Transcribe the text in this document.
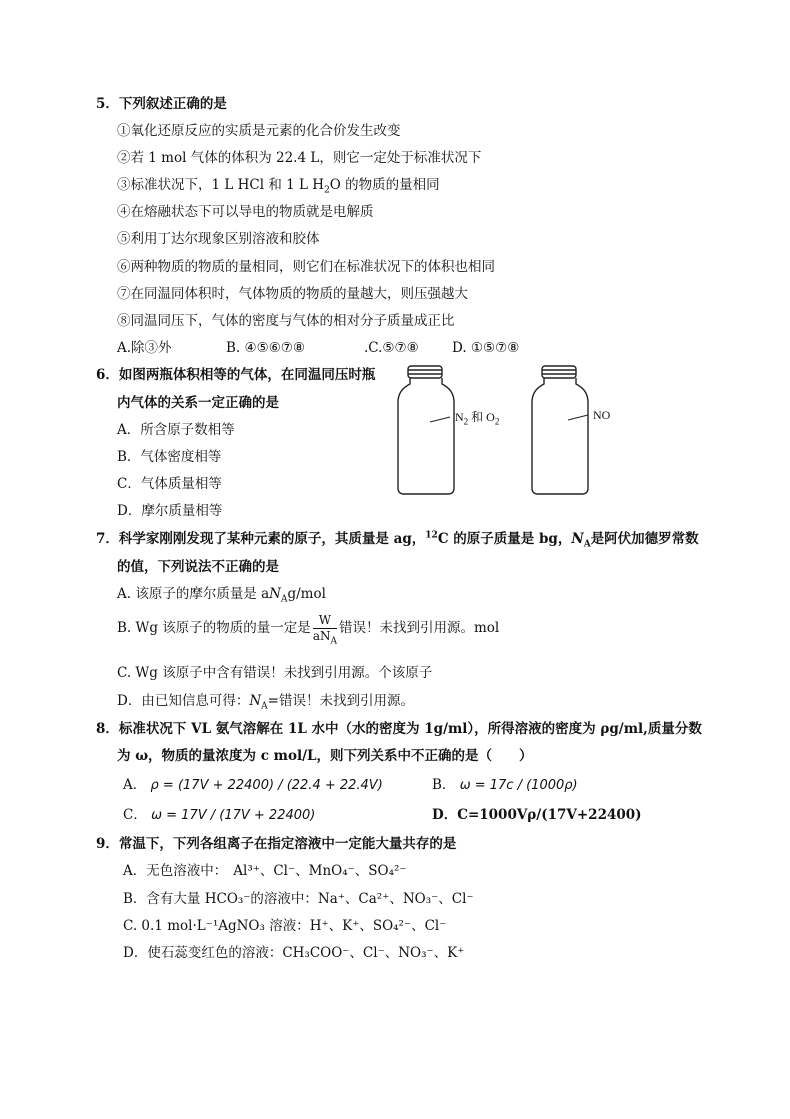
5．下列叙述正确的是
①氧化还原反应的实质是元素的化合价发生改变
②若 1 mol 气体的体积为 22.4 L，则它一定处于标准状况下
③标准状况下，1 L HCl 和 1 L $H_2O$ 的物质的量相同
④在熔融状态下可以导电的物质就是电解质
⑤利用丁达尔现象区别溶液和胶体
⑥两种物质的物质的量相同，则它们在标准状况下的体积也相同
⑦在同温同体积时，气体物质的物质的量越大，则压强越大
⑧同温同压下，气体的密度与气体的相对分子质量成正比
A.除③外	B. ④⑤⑥⑦⑧	.C.⑤⑦⑧ D. ①⑤⑦⑧
6．如图两瓶体积相等的气体，在同温同压时瓶
内气体的关系一定正确的是
A．所含原子数相等
B．气体密度相等
C．气体质量相等
D．摩尔质量相等
$N_2$ 和 $O_2$	NO
7．科学家刚刚发现了某种元素的原子，其质量是 ag，$^{12}$C 的原子质量是 bg，$N_A$是阿伏加德罗常数
的值，下列说法不正确的是
A. 该原子的摩尔质量是 $aN_Ag$/mol
B. Wg 该原子的物质的量一定是 $\frac{W}{aN_A}$ 错误！未找到引用源。mol
C. Wg 该原子中含有错误！未找到引用源。个该原子
D．由已知信息可得：$N_A=$错误！未找到引用源。
8．标准状况下 VL 氨气溶解在 1L 水中（水的密度为 1g/ml），所得溶液的密度为 ρg/ml,质量分数
为 ω，物质的量浓度为 c mol/L，则下列关系中不正确的是（　　）
A． ρ = (17V + 22400) / (22.4 + 22.4V)	B． ω = 17c / (1000ρ)
C． ω = 17V / (17V + 22400)	D．C=1000Vρ/(17V+22400)
9．常温下，下列各组离子在指定溶液中一定能大量共存的是
A．无色溶液中： Al³⁺、Cl⁻、MnO₄⁻、SO₄²⁻
B．含有大量 HCO₃⁻的溶液中：Na⁺、Ca²⁺、NO₃⁻、Cl⁻
C. 0.1 mol·L⁻¹AgNO₃ 溶液：H⁺、K⁺、SO₄²⁻、Cl⁻
D．使石蕊变红色的溶液：CH₃COO⁻、Cl⁻、NO₃⁻、K⁺
